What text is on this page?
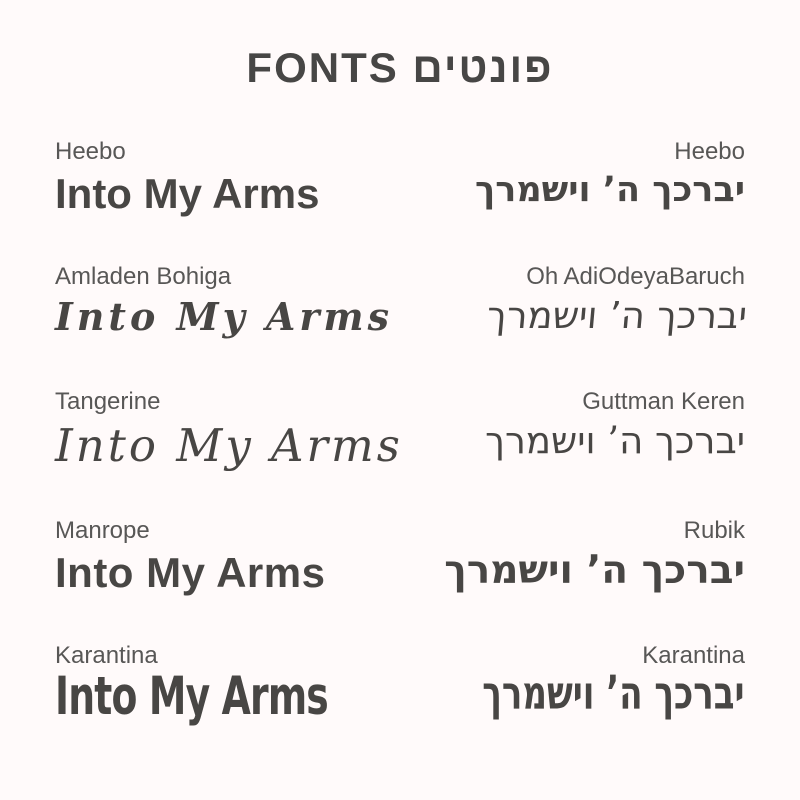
FONTS פונטים
Heebo
Into My Arms
Heebo
יברכך ה’ וישמרך
Amladen Bohiga
Into My Arms
Oh AdiOdeyaBaruch
יברכך ה’ וישמרך
Tangerine
Into My Arms
Guttman Keren
יברכך ה’ וישמרך
Manrope
Into My Arms
Rubik
יברכך ה’ וישמרך
Karantina
Into My Arms
Karantina
יברכך ה’ וישמרך
